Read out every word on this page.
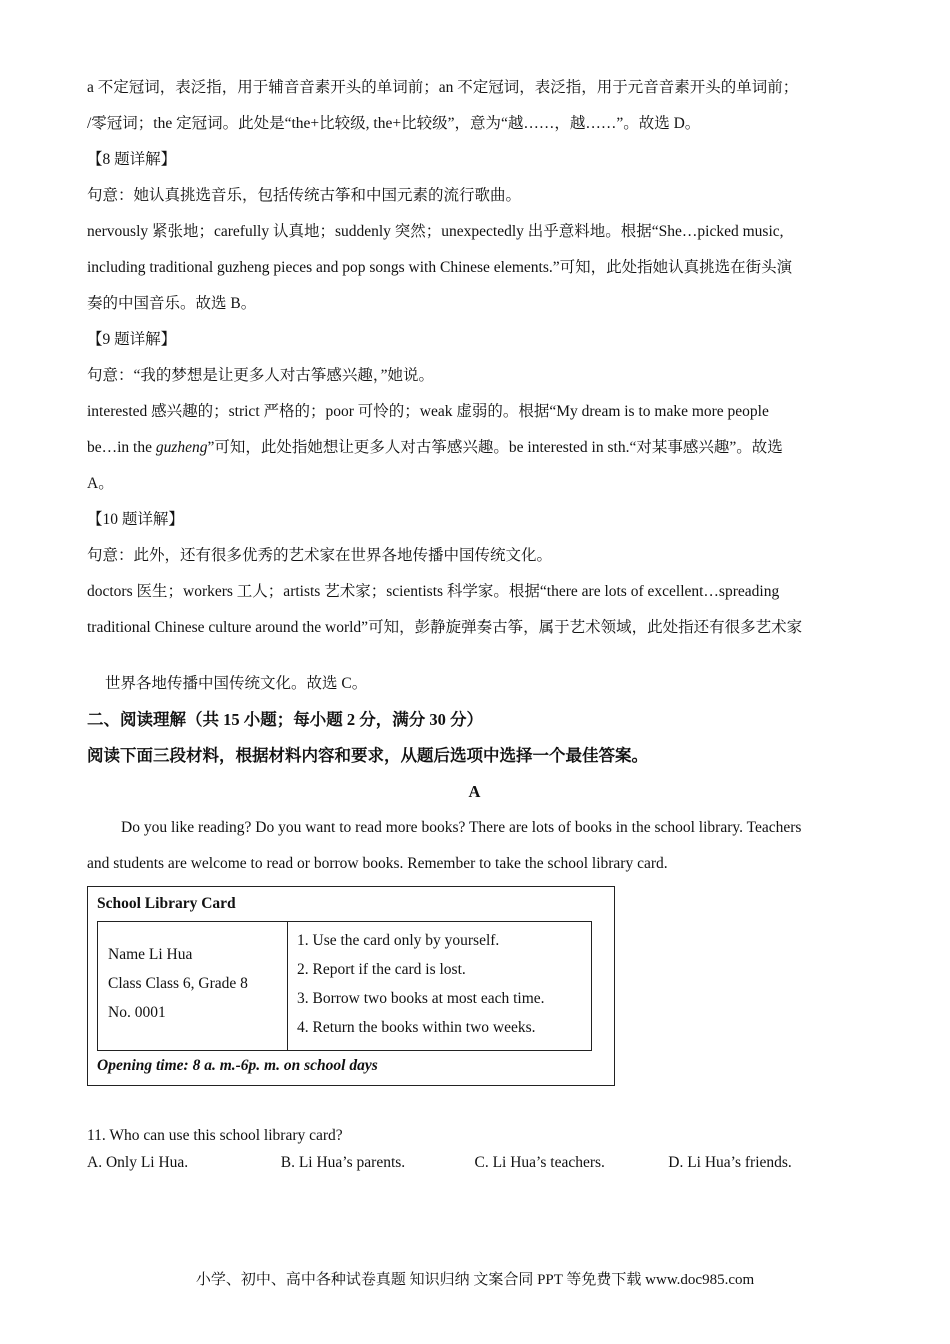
a 不定冠词，表泛指，用于辅音音素开头的单词前；an 不定冠词，表泛指，用于元音音素开头的单词前；
/零冠词；the 定冠词。此处是“the+比较级, the+比较级”，意为“越……，越……”。故选 D。
【8 题详解】
句意：她认真挑选音乐，包括传统古筝和中国元素的流行歌曲。
nervously 紧张地；carefully 认真地；suddenly 突然；unexpectedly 出乎意料地。根据“She…picked music,
including traditional guzheng pieces and pop songs with Chinese elements.”可知，此处指她认真挑选在街头演
奏的中国音乐。故选 B。
【9 题详解】
句意：“我的梦想是让更多人对古筝感兴趣，”她说。
interested 感兴趣的；strict 严格的；poor 可怜的；weak 虚弱的。根据“My dream is to make more people
be…in the guzheng”可知，此处指她想让更多人对古筝感兴趣。be interested in sth.“对某事感兴趣”。故选
A。
【10 题详解】
句意：此外，还有很多优秀的艺术家在世界各地传播中国传统文化。
doctors 医生；workers 工人；artists 艺术家；scientists 科学家。根据“there are lots of excellent…spreading
traditional Chinese culture around the world”可知，彭静旋弹奏古筝，属于艺术领域，此处指还有很多艺术家
世界各地传播中国传统文化。故选 C。
二、阅读理解（共 15 小题；每小题 2 分，满分 30 分）
阅读下面三段材料，根据材料内容和要求，从题后选项中选择一个最佳答案。
A
Do you like reading? Do you want to read more books? There are lots of books in the school library. Teachers
and students are welcome to read or borrow books. Remember to take the school library card.
School Library Card
Name Li Hua
Class Class 6, Grade 8
No. 0001
1. Use the card only by yourself.
2. Report if the card is lost.
3. Borrow two books at most each time.
4. Return the books within two weeks.
Opening time: 8 a. m.-6p. m. on school days
11. Who can use this school library card?
A. Only Li Hua.	B. Li Hua’s parents.	C. Li Hua’s teachers.	D. Li Hua’s friends.
小学、初中、高中各种试卷真题 知识归纳 文案合同 PPT 等免费下载 www.doc985.com
